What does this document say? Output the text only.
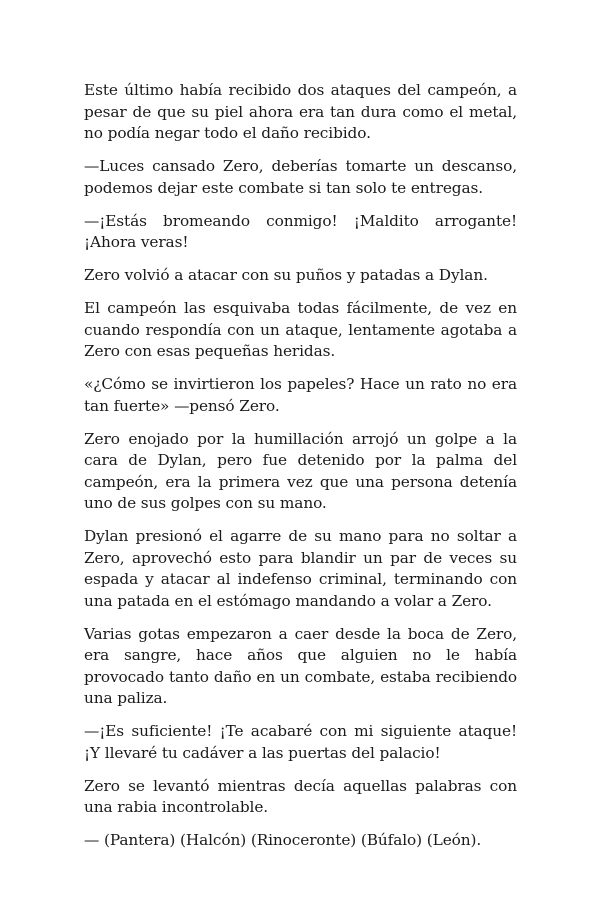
Este último había recibido dos ataques del campeón, a pesar de que su piel ahora era tan dura como el metal, no podía negar todo el daño recibido.

—Luces cansado Zero, deberías tomarte un descanso, podemos dejar este combate si tan solo te entregas.

—¡Estás bromeando conmigo! ¡Maldito arrogante! ¡Ahora veras!

Zero volvió a atacar con su puños y patadas a Dylan.

El campeón las esquivaba todas fácilmente, de vez en cuando respondía con un ataque, lentamente agotaba a Zero con esas pequeñas heridas.

«¿Cómo se invirtieron los papeles? Hace un rato no era tan fuerte» —pensó Zero.

Zero enojado por la humillación arrojó un golpe a la cara de Dylan, pero fue detenido por la palma del campeón, era la primera vez que una persona detenía uno de sus golpes con su mano.

Dylan presionó el agarre de su mano para no soltar a Zero, aprovechó esto para blandir un par de veces su espada y atacar al indefenso criminal, terminando con una patada en el estómago mandando a volar a Zero.

Varias gotas empezaron a caer desde la boca de Zero, era sangre, hace años que alguien no le había provocado tanto daño en un combate, estaba recibiendo una paliza.

—¡Es suficiente! ¡Te acabaré con mi siguiente ataque! ¡Y llevaré tu cadáver a las puertas del palacio!

Zero se levantó mientras decía aquellas palabras con una rabia incontrolable.

— (Pantera) (Halcón) (Rinoceronte) (Búfalo) (León).
